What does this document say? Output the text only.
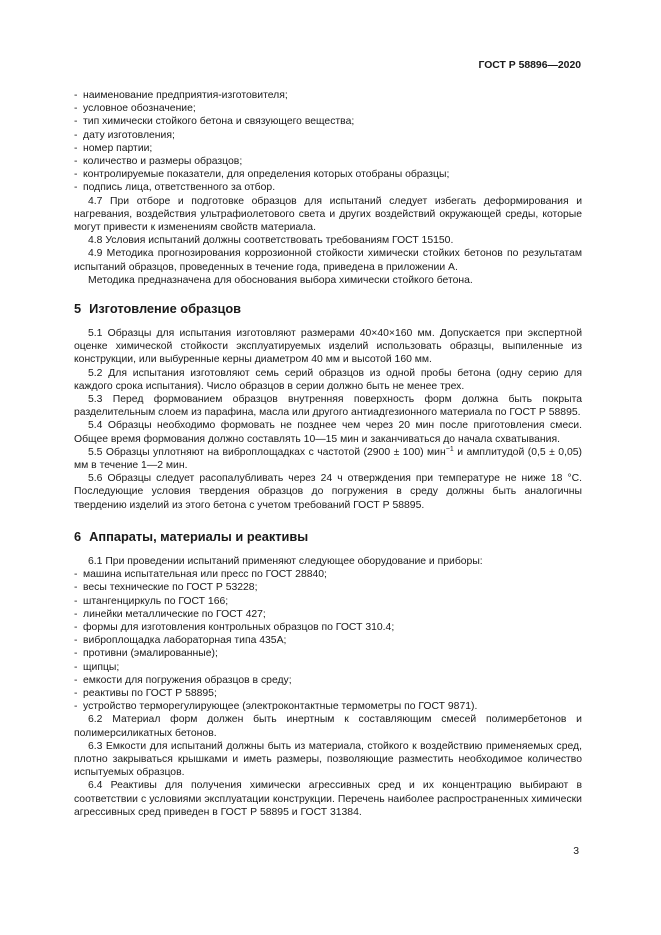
ГОСТ Р 58896—2020
- наименование предприятия-изготовителя;
- условное обозначение;
- тип химически стойкого бетона и связующего вещества;
- дату изготовления;
- номер партии;
- количество и размеры образцов;
- контролируемые показатели, для определения которых отобраны образцы;
- подпись лица, ответственного за отбор.

4.7 При отборе и подготовке образцов для испытаний следует избегать деформирования и нагревания, воздействия ультрафиолетового света и других воздействий окружающей среды, которые могут привести к изменениям свойств материала.

4.8 Условия испытаний должны соответствовать требованиям ГОСТ 15150.

4.9 Методика прогнозирования коррозионной стойкости химически стойких бетонов по результатам испытаний образцов, проведенных в течение года, приведена в приложении А.

Методика предназначена для обоснования выбора химически стойкого бетона.

5 Изготовление образцов

5.1 Образцы для испытания изготовляют размерами 40×40×160 мм. Допускается при экспертной оценке химической стойкости эксплуатируемых изделий использовать образцы, выпиленные из конструкции, или выбуренные керны диаметром 40 мм и высотой 160 мм.

5.2 Для испытания изготовляют семь серий образцов из одной пробы бетона (одну серию для каждого срока испытания). Число образцов в серии должно быть не менее трех.

5.3 Перед формованием образцов внутренняя поверхность форм должна быть покрыта разделительным слоем из парафина, масла или другого антиадгезионного материала по ГОСТ Р 58895.

5.4 Образцы необходимо формовать не позднее чем через 20 мин после приготовления смеси. Общее время формования должно составлять 10—15 мин и заканчиваться до начала схватывания.

5.5 Образцы уплотняют на виброплощадках с частотой (2900 ± 100) мин$^{-1}$ и амплитудой (0,5 ± 0,05) мм в течение 1—2 мин.

5.6 Образцы следует расопалубливать через 24 ч отверждения при температуре не ниже 18 °С. Последующие условия твердения образцов до погружения в среду должны быть аналогичны твердению изделий из этого бетона с учетом требований ГОСТ Р 58895.

6 Аппараты, материалы и реактивы

6.1 При проведении испытаний применяют следующее оборудование и приборы:

- машина испытательная или пресс по ГОСТ 28840;
- весы технические по ГОСТ Р 53228;
- штангенциркуль по ГОСТ 166;
- линейки металлические по ГОСТ 427;
- формы для изготовления контрольных образцов по ГОСТ 310.4;
- виброплощадка лабораторная типа 435А;
- противни (эмалированные);
- щипцы;
- емкости для погружения образцов в среду;
- реактивы по ГОСТ Р 58895;
- устройство терморегулирующее (электроконтактные термометры по ГОСТ 9871).

6.2 Материал форм должен быть инертным к составляющим смесей полимербетонов и полимерсиликатных бетонов.

6.3 Емкости для испытаний должны быть из материала, стойкого к воздействию применяемых сред, плотно закрываться крышками и иметь размеры, позволяющие разместить необходимое количество испытуемых образцов.

6.4 Реактивы для получения химически агрессивных сред и их концентрацию выбирают в соответствии с условиями эксплуатации конструкции. Перечень наиболее распространенных химически агрессивных сред приведен в ГОСТ Р 58895 и ГОСТ 31384.

3
